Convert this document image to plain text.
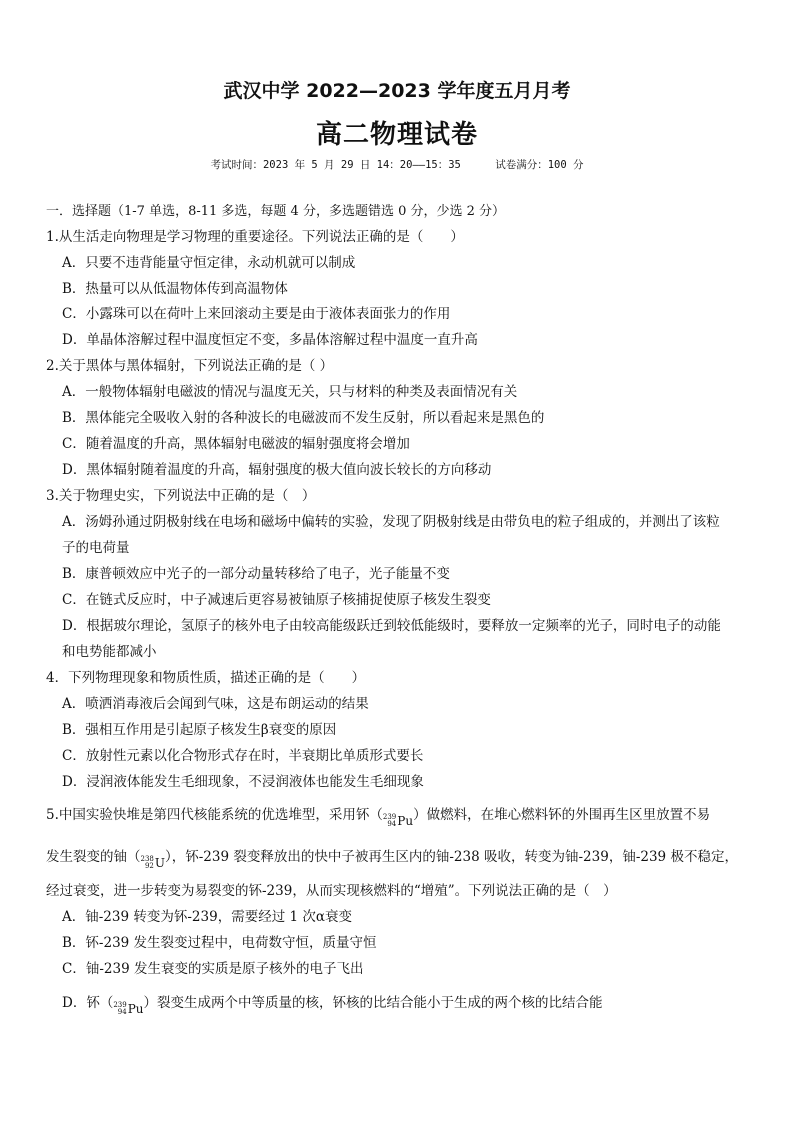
武汉中学 2022—2023 学年度五月月考
高二物理试卷
考试时间：2023 年 5 月 29 日 14：20——15：35	试卷满分：100 分
一．选择题（1-7 单选，8-11 多选，每题 4 分，多选题错选 0 分，少选 2 分）
1.从生活走向物理是学习物理的重要途径。下列说法正确的是（　　）
A．只要不违背能量守恒定律，永动机就可以制成
B．热量可以从低温物体传到高温物体
C．小露珠可以在荷叶上来回滚动主要是由于液体表面张力的作用
D．单晶体溶解过程中温度恒定不变，多晶体溶解过程中温度一直升高
2.关于黑体与黑体辐射，下列说法正确的是（ ）
A．一般物体辐射电磁波的情况与温度无关，只与材料的种类及表面情况有关
B．黑体能完全吸收入射的各种波长的电磁波而不发生反射，所以看起来是黑色的
C．随着温度的升高，黑体辐射电磁波的辐射强度将会增加
D．黑体辐射随着温度的升高，辐射强度的极大值向波长较长的方向移动
3.关于物理史实，下列说法中正确的是（　）
A．汤姆孙通过阴极射线在电场和磁场中偏转的实验，发现了阴极射线是由带负电的粒子组成的，并测出了该粒
子的电荷量
B．康普顿效应中光子的一部分动量转移给了电子，光子能量不变
C．在链式反应时，中子减速后更容易被铀原子核捕捉使原子核发生裂变
D．根据玻尔理论，氢原子的核外电子由较高能级跃迁到较低能级时，要释放一定频率的光子，同时电子的动能
和电势能都减小
4．下列物理现象和物质性质，描述正确的是（　　）
A．喷洒消毒液后会闻到气味，这是布朗运动的结果
B．强相互作用是引起原子核发生β衰变的原因
C．放射性元素以化合物形式存在时，半衰期比单质形式要长
D．浸润液体能发生毛细现象，不浸润液体也能发生毛细现象
5.中国实验快堆是第四代核能系统的优选堆型，采用钚（ 239
94 Pu ）做燃料，在堆心燃料钚的外围再生区里放置不易
发生裂变的铀（ 238
92 U ），钚-239 裂变释放出的快中子被再生区内的铀-238 吸收，转变为铀-239，铀-239 极不稳定，
经过衰变，进一步转变为易裂变的钚-239，从而实现核燃料的“增殖”。下列说法正确的是（　）
A．铀-239 转变为钚-239，需要经过 1 次α衰变
B．钚-239 发生裂变过程中，电荷数守恒，质量守恒
C．铀-239 发生衰变的实质是原子核外的电子飞出
D．钚（ 239
94 Pu ）裂变生成两个中等质量的核，钚核的比结合能小于生成的两个核的比结合能
